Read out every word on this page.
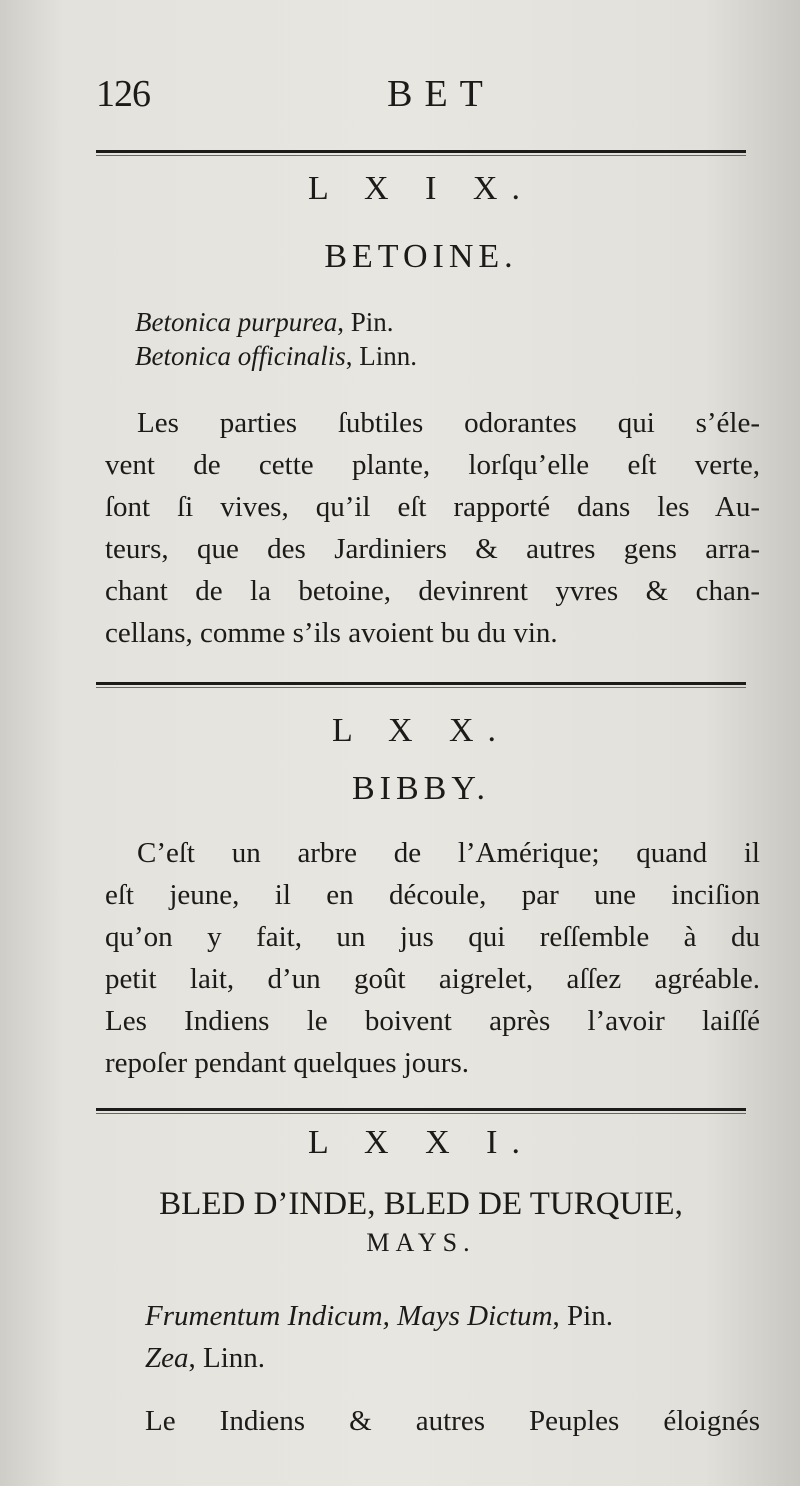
126	BET
L X I X.
BETOINE.
Betonica purpurea, Pin.
Betonica officinalis, Linn.
Les parties ſubtiles odorantes qui s’éle-
vent de cette plante, lorſqu’elle eſt verte,
ſont ſi vives, qu’il eſt rapporté dans les Au-
teurs, que des Jardiniers & autres gens arra-
chant de la betoine, devinrent yvres & chan-
cellans, comme s’ils avoient bu du vin.
L X X.
BIBBY.
C’eſt un arbre de l’Amérique; quand il
eſt jeune, il en découle, par une inciſion
qu’on y fait, un jus qui reſſemble à du
petit lait, d’un goût aigrelet, aſſez agréable.
Les Indiens le boivent après l’avoir laiſſé
repoſer pendant quelques jours.
L X X I.
BLED D’INDE, BLED DE TURQUIE,
MAYS.
Frumentum Indicum, Mays Dictum, Pin.
Zea, Linn.
Le Indiens & autres Peuples éloignés
